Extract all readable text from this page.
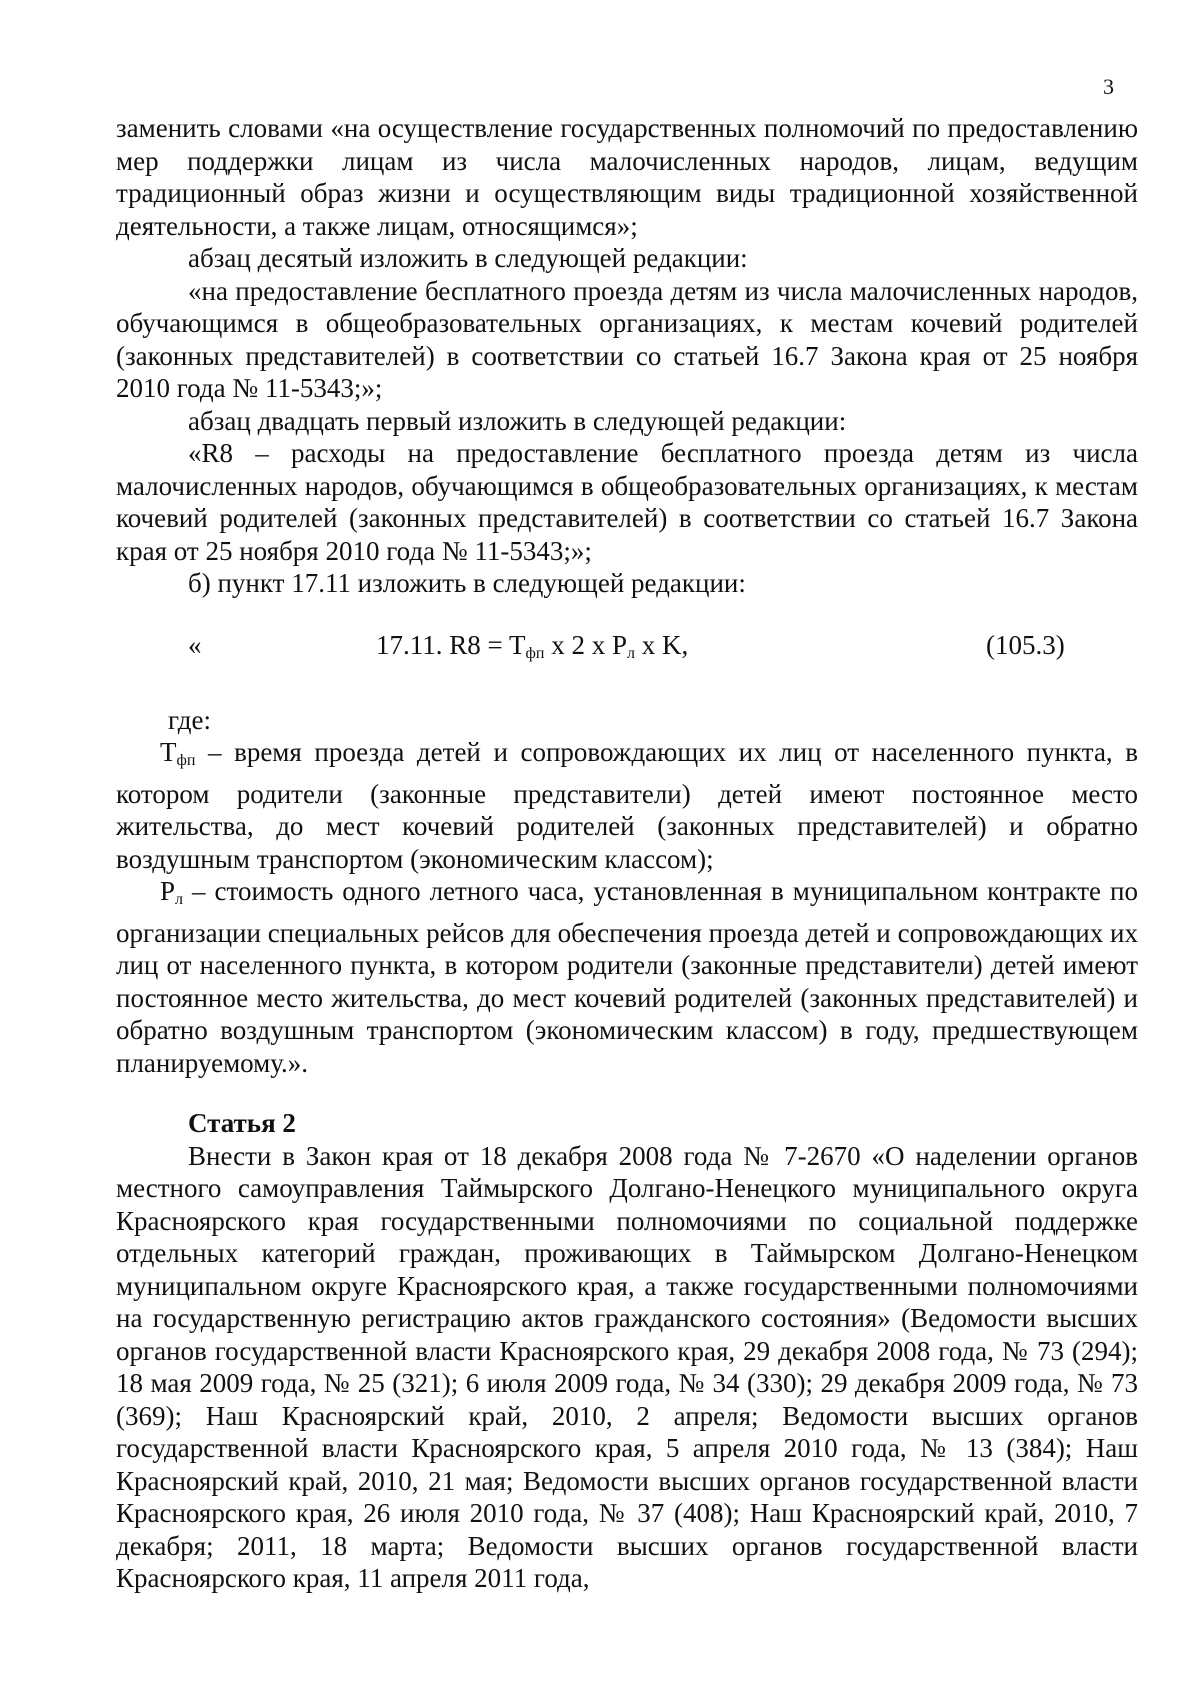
3

заменить словами «на осуществление государственных полномочий по предоставлению мер поддержки лицам из числа малочисленных народов, лицам, ведущим традиционный образ жизни и осуществляющим виды традиционной хозяйственной деятельности, а также лицам, относящимся»;

абзац десятый изложить в следующей редакции:

«на предоставление бесплатного проезда детям из числа малочисленных народов, обучающимся в общеобразовательных организациях, к местам кочевий родителей (законных представителей) в соответствии со статьей 16.7 Закона края от 25 ноября 2010 года № 11-5343;»;

абзац двадцать первый изложить в следующей редакции:

«R8 – расходы на предоставление бесплатного проезда детям из числа малочисленных народов, обучающимся в общеобразовательных организациях, к местам кочевий родителей (законных представителей) в соответствии со статьей 16.7 Закона края от 25 ноября 2010 года № 11-5343;»;

б) пункт 17.11 изложить в следующей редакции:

«	17.11. $R8 = T_{фп}$ x 2 x $P_л$ x K,	(105.3)

где:

$T_{фп}$ – время проезда детей и сопровождающих их лиц от населенного пункта, в котором родители (законные представители) детей имеют постоянное место жительства, до мест кочевий родителей (законных представителей) и обратно воздушным транспортом (экономическим классом);

$P_л$ – стоимость одного летного часа, установленная в муниципальном контракте по организации специальных рейсов для обеспечения проезда детей и сопровождающих их лиц от населенного пункта, в котором родители (законные представители) детей имеют постоянное место жительства, до мест кочевий родителей (законных представителей) и обратно воздушным транспортом (экономическим классом) в году, предшествующем планируемому.».

Статья 2

Внести в Закон края от 18 декабря 2008 года № 7-2670 «О наделении органов местного самоуправления Таймырского Долгано-Ненецкого муниципального округа Красноярского края государственными полномочиями по социальной поддержке отдельных категорий граждан, проживающих в Таймырском Долгано-Ненецком муниципальном округе Красноярского края, а также государственными полномочиями на государственную регистрацию актов гражданского состояния» (Ведомости высших органов государственной власти Красноярского края, 29 декабря 2008 года, № 73 (294); 18 мая 2009 года, № 25 (321); 6 июля 2009 года, № 34 (330); 29 декабря 2009 года, № 73 (369); Наш Красноярский край, 2010, 2 апреля; Ведомости высших органов государственной власти Красноярского края, 5 апреля 2010 года, № 13 (384); Наш Красноярский край, 2010, 21 мая; Ведомости высших органов государственной власти Красноярского края, 26 июля 2010 года, № 37 (408); Наш Красноярский край, 2010, 7 декабря; 2011, 18 марта; Ведомости высших органов государственной власти Красноярского края, 11 апреля 2011 года,
